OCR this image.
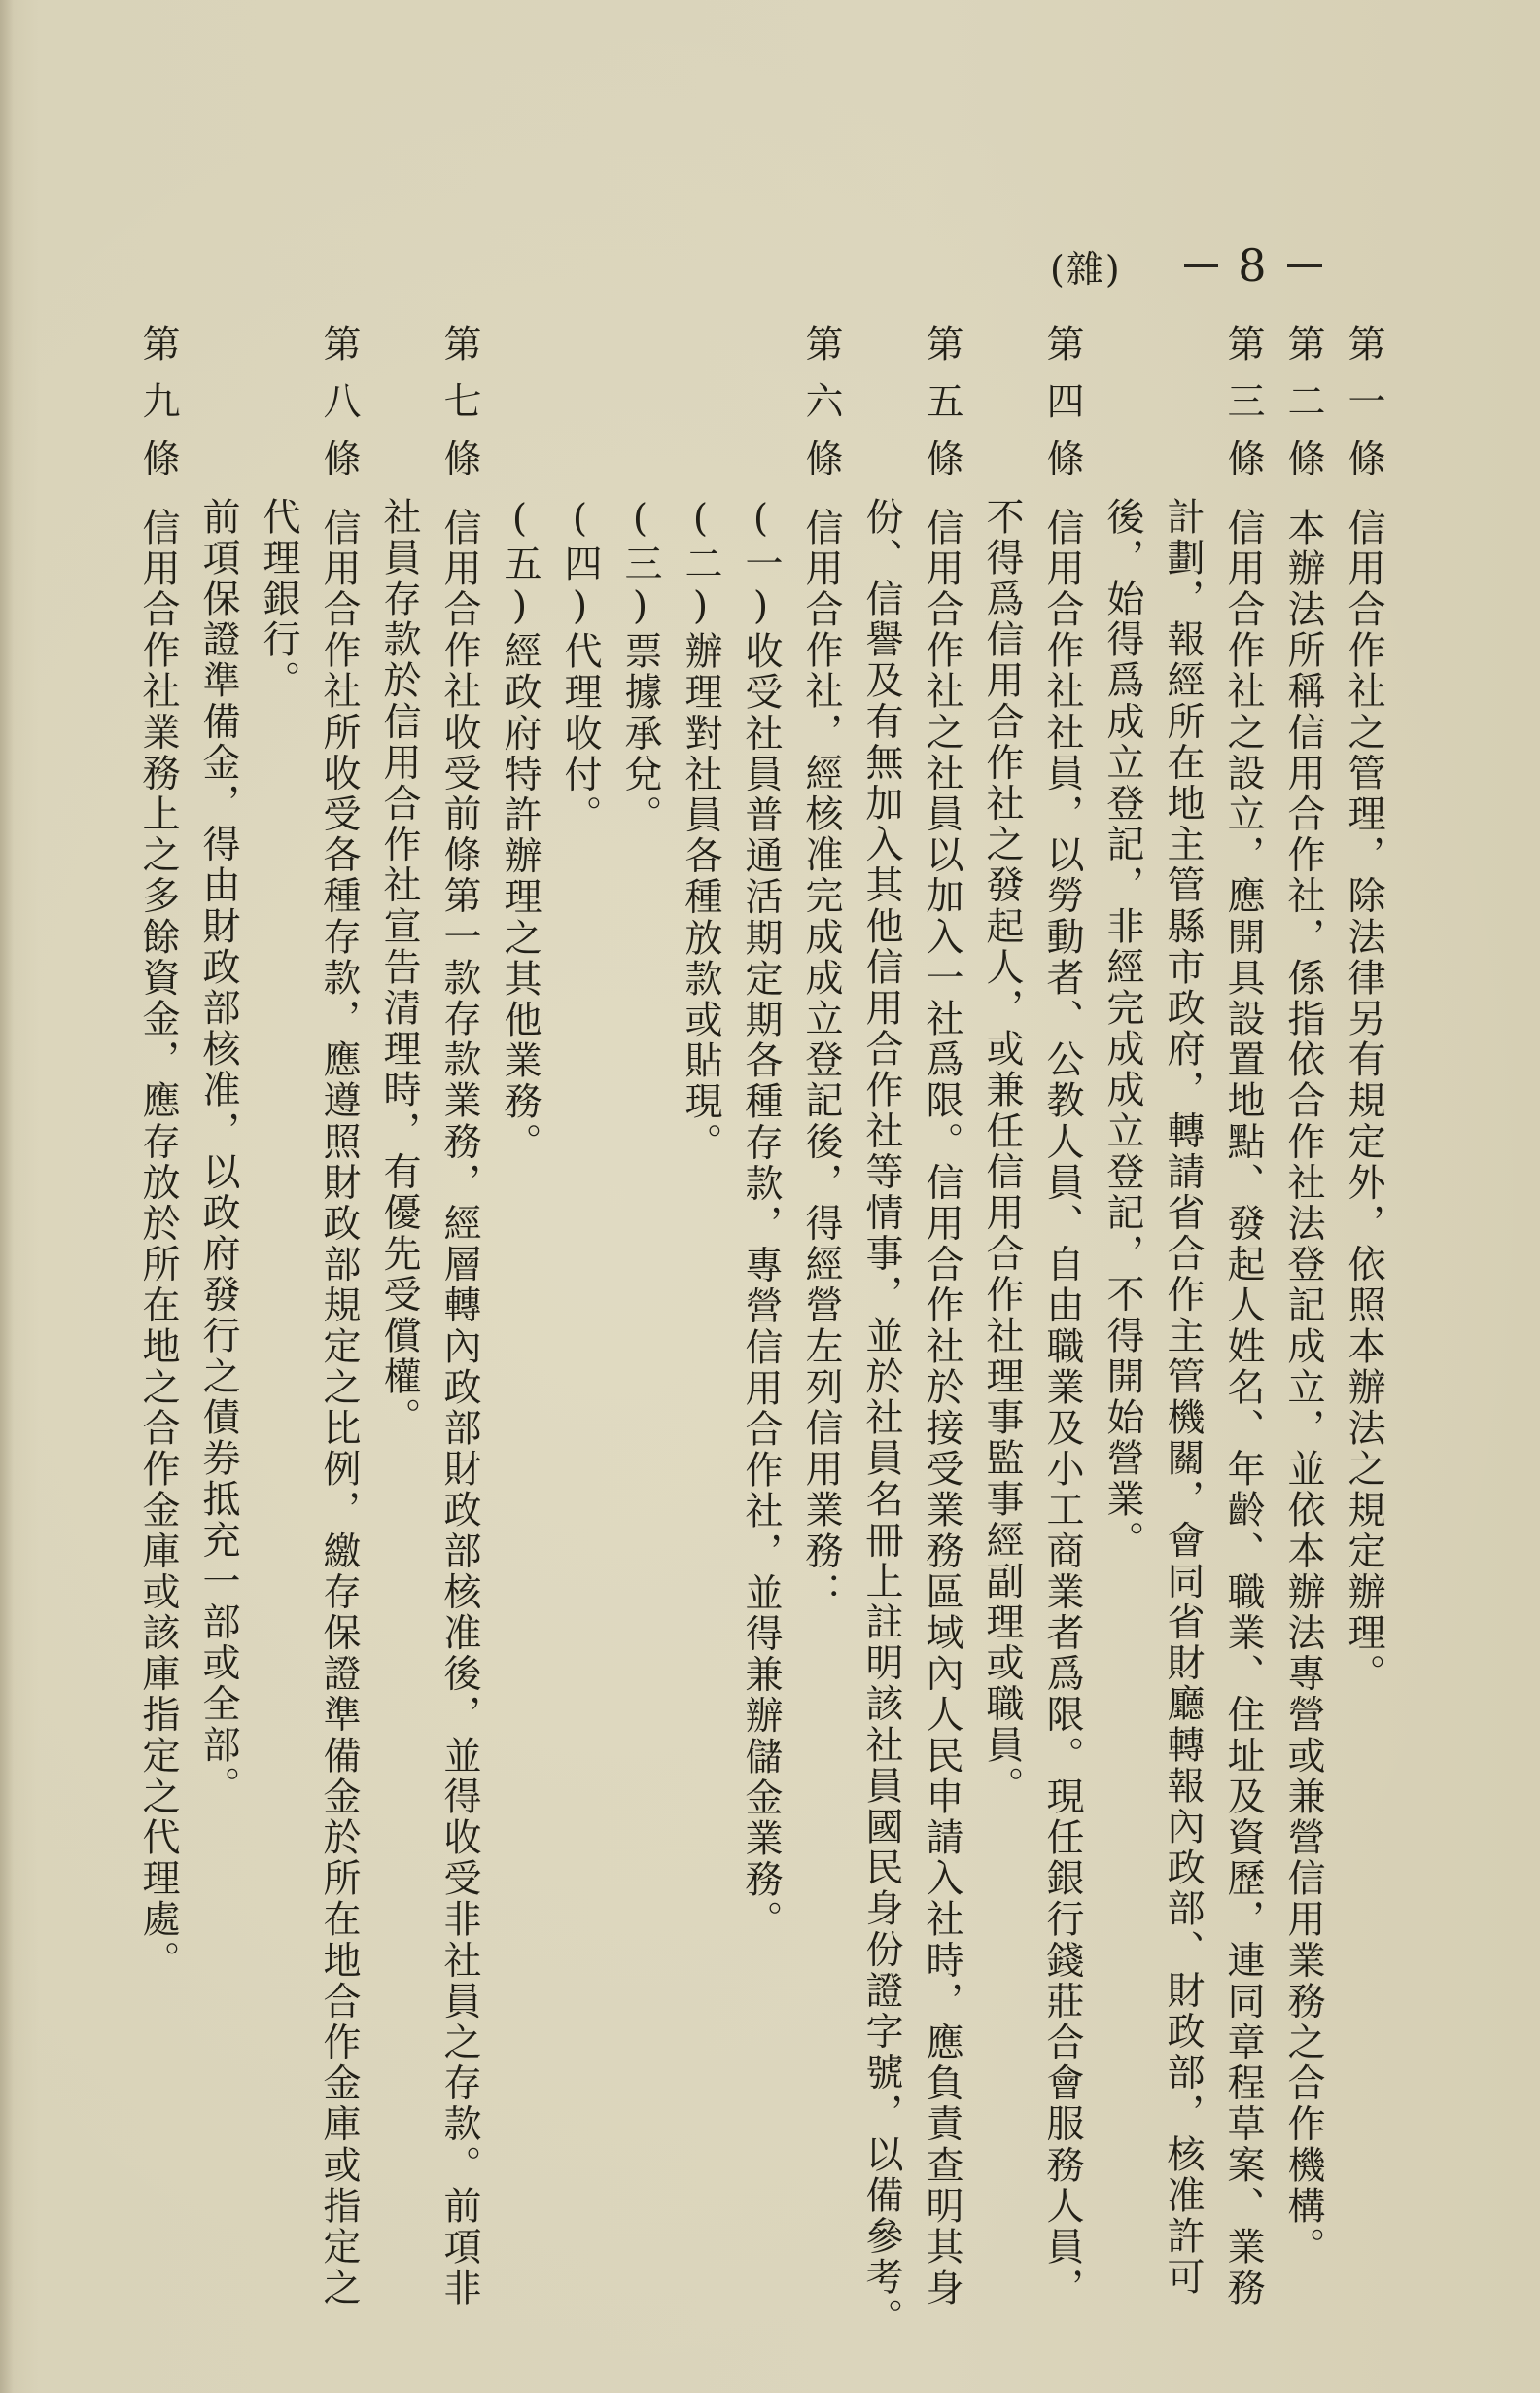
(雜)	8
第一條信用合作社之管理，除法律另有規定外，依照本辦法之規定辦理。
第二條本辦法所稱信用合作社，係指依合作社法登記成立，並依本辦法專營或兼營信用業務之合作機構。
第三條信用合作社之設立，應開具設置地點、發起人姓名、年齡、職業、住址及資歷，連同章程草案、業務
計劃，報經所在地主管縣市政府，轉請省合作主管機關，會同省財廳轉報內政部、財政部，核准許可
後，始得爲成立登記，非經完成成立登記，不得開始營業。
第四條信用合作社社員，以勞動者、公教人員、自由職業及小工商業者爲限。現任銀行錢莊合會服務人員，
不得爲信用合作社之發起人，或兼任信用合作社理事監事經副理或職員。
第五條信用合作社之社員以加入一社爲限。信用合作社於接受業務區域內人民申請入社時，應負責查明其身
份、信譽及有無加入其他信用合作社等情事，並於社員名冊上註明該社員國民身份證字號，以備參考。
第六條信用合作社，經核准完成成立登記後，得經營左列信用業務：
(一)收受社員普通活期定期各種存款，專營信用合作社，並得兼辦儲金業務。
(二)辦理對社員各種放款或貼現。
(三)票據承兌。
(四)代理收付。
(五)經政府特許辦理之其他業務。
第七條信用合作社收受前條第一款存款業務，經層轉內政部財政部核准後，並得收受非社員之存款。前項非
社員存款於信用合作社宣告清理時，有優先受償權。
第八條信用合作社所收受各種存款，應遵照財政部規定之比例，繳存保證準備金於所在地合作金庫或指定之
代理銀行。
前項保證準備金，得由財政部核准，以政府發行之債券抵充一部或全部。
第九條信用合作社業務上之多餘資金，應存放於所在地之合作金庫或該庫指定之代理處。
